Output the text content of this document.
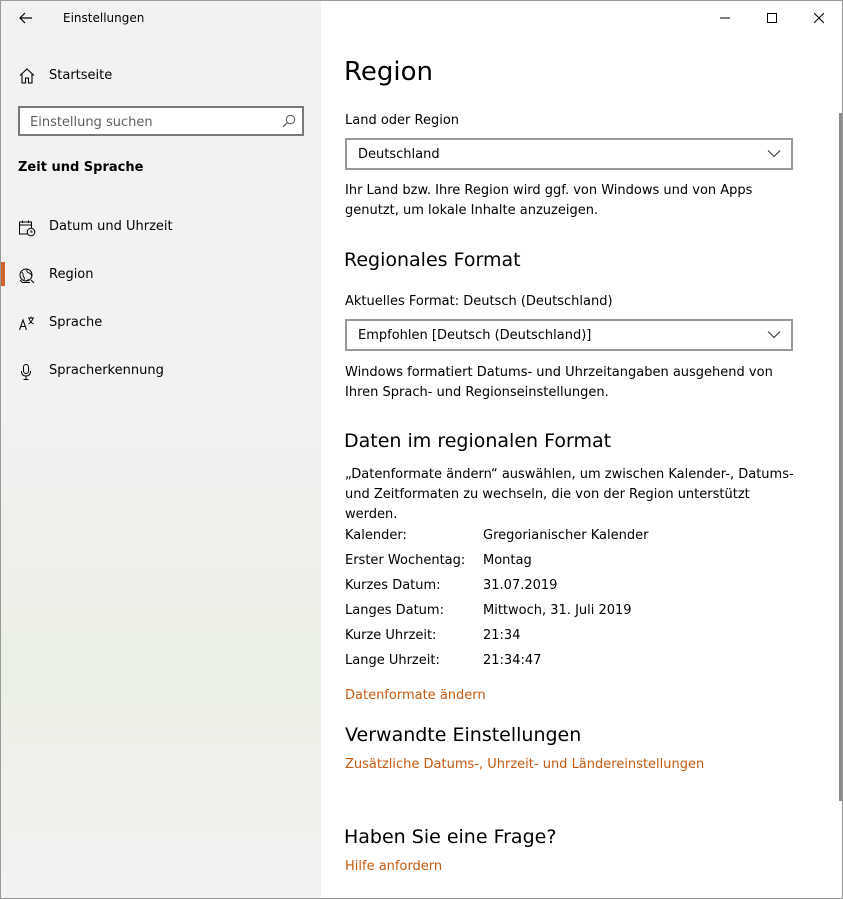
Einstellungen
Startseite
Einstellung suchen
Zeit und Sprache
Datum und Uhrzeit
Region
Sprache
Spracherkennung
Region
Land oder Region
Deutschland
Ihr Land bzw. Ihre Region wird ggf. von Windows und von Apps genutzt, um lokale Inhalte anzuzeigen.
Regionales Format
Aktuelles Format: Deutsch (Deutschland)
Empfohlen [Deutsch (Deutschland)]
Windows formatiert Datums- und Uhrzeitangaben ausgehend von Ihren Sprach- und Regionseinstellungen.
Daten im regionalen Format
„Datenformate ändern“ auswählen, um zwischen Kalender-, Datums- und Zeitformaten zu wechseln, die von der Region unterstützt werden.
Kalender:	Gregorianischer Kalender
Erster Wochentag:	Montag
Kurzes Datum:	31.07.2019
Langes Datum:	Mittwoch, 31. Juli 2019
Kurze Uhrzeit:	21:34
Lange Uhrzeit:	21:34:47
Datenformate ändern
Verwandte Einstellungen
Zusätzliche Datums-, Uhrzeit- und Ländereinstellungen
Haben Sie eine Frage?
Hilfe anfordern
